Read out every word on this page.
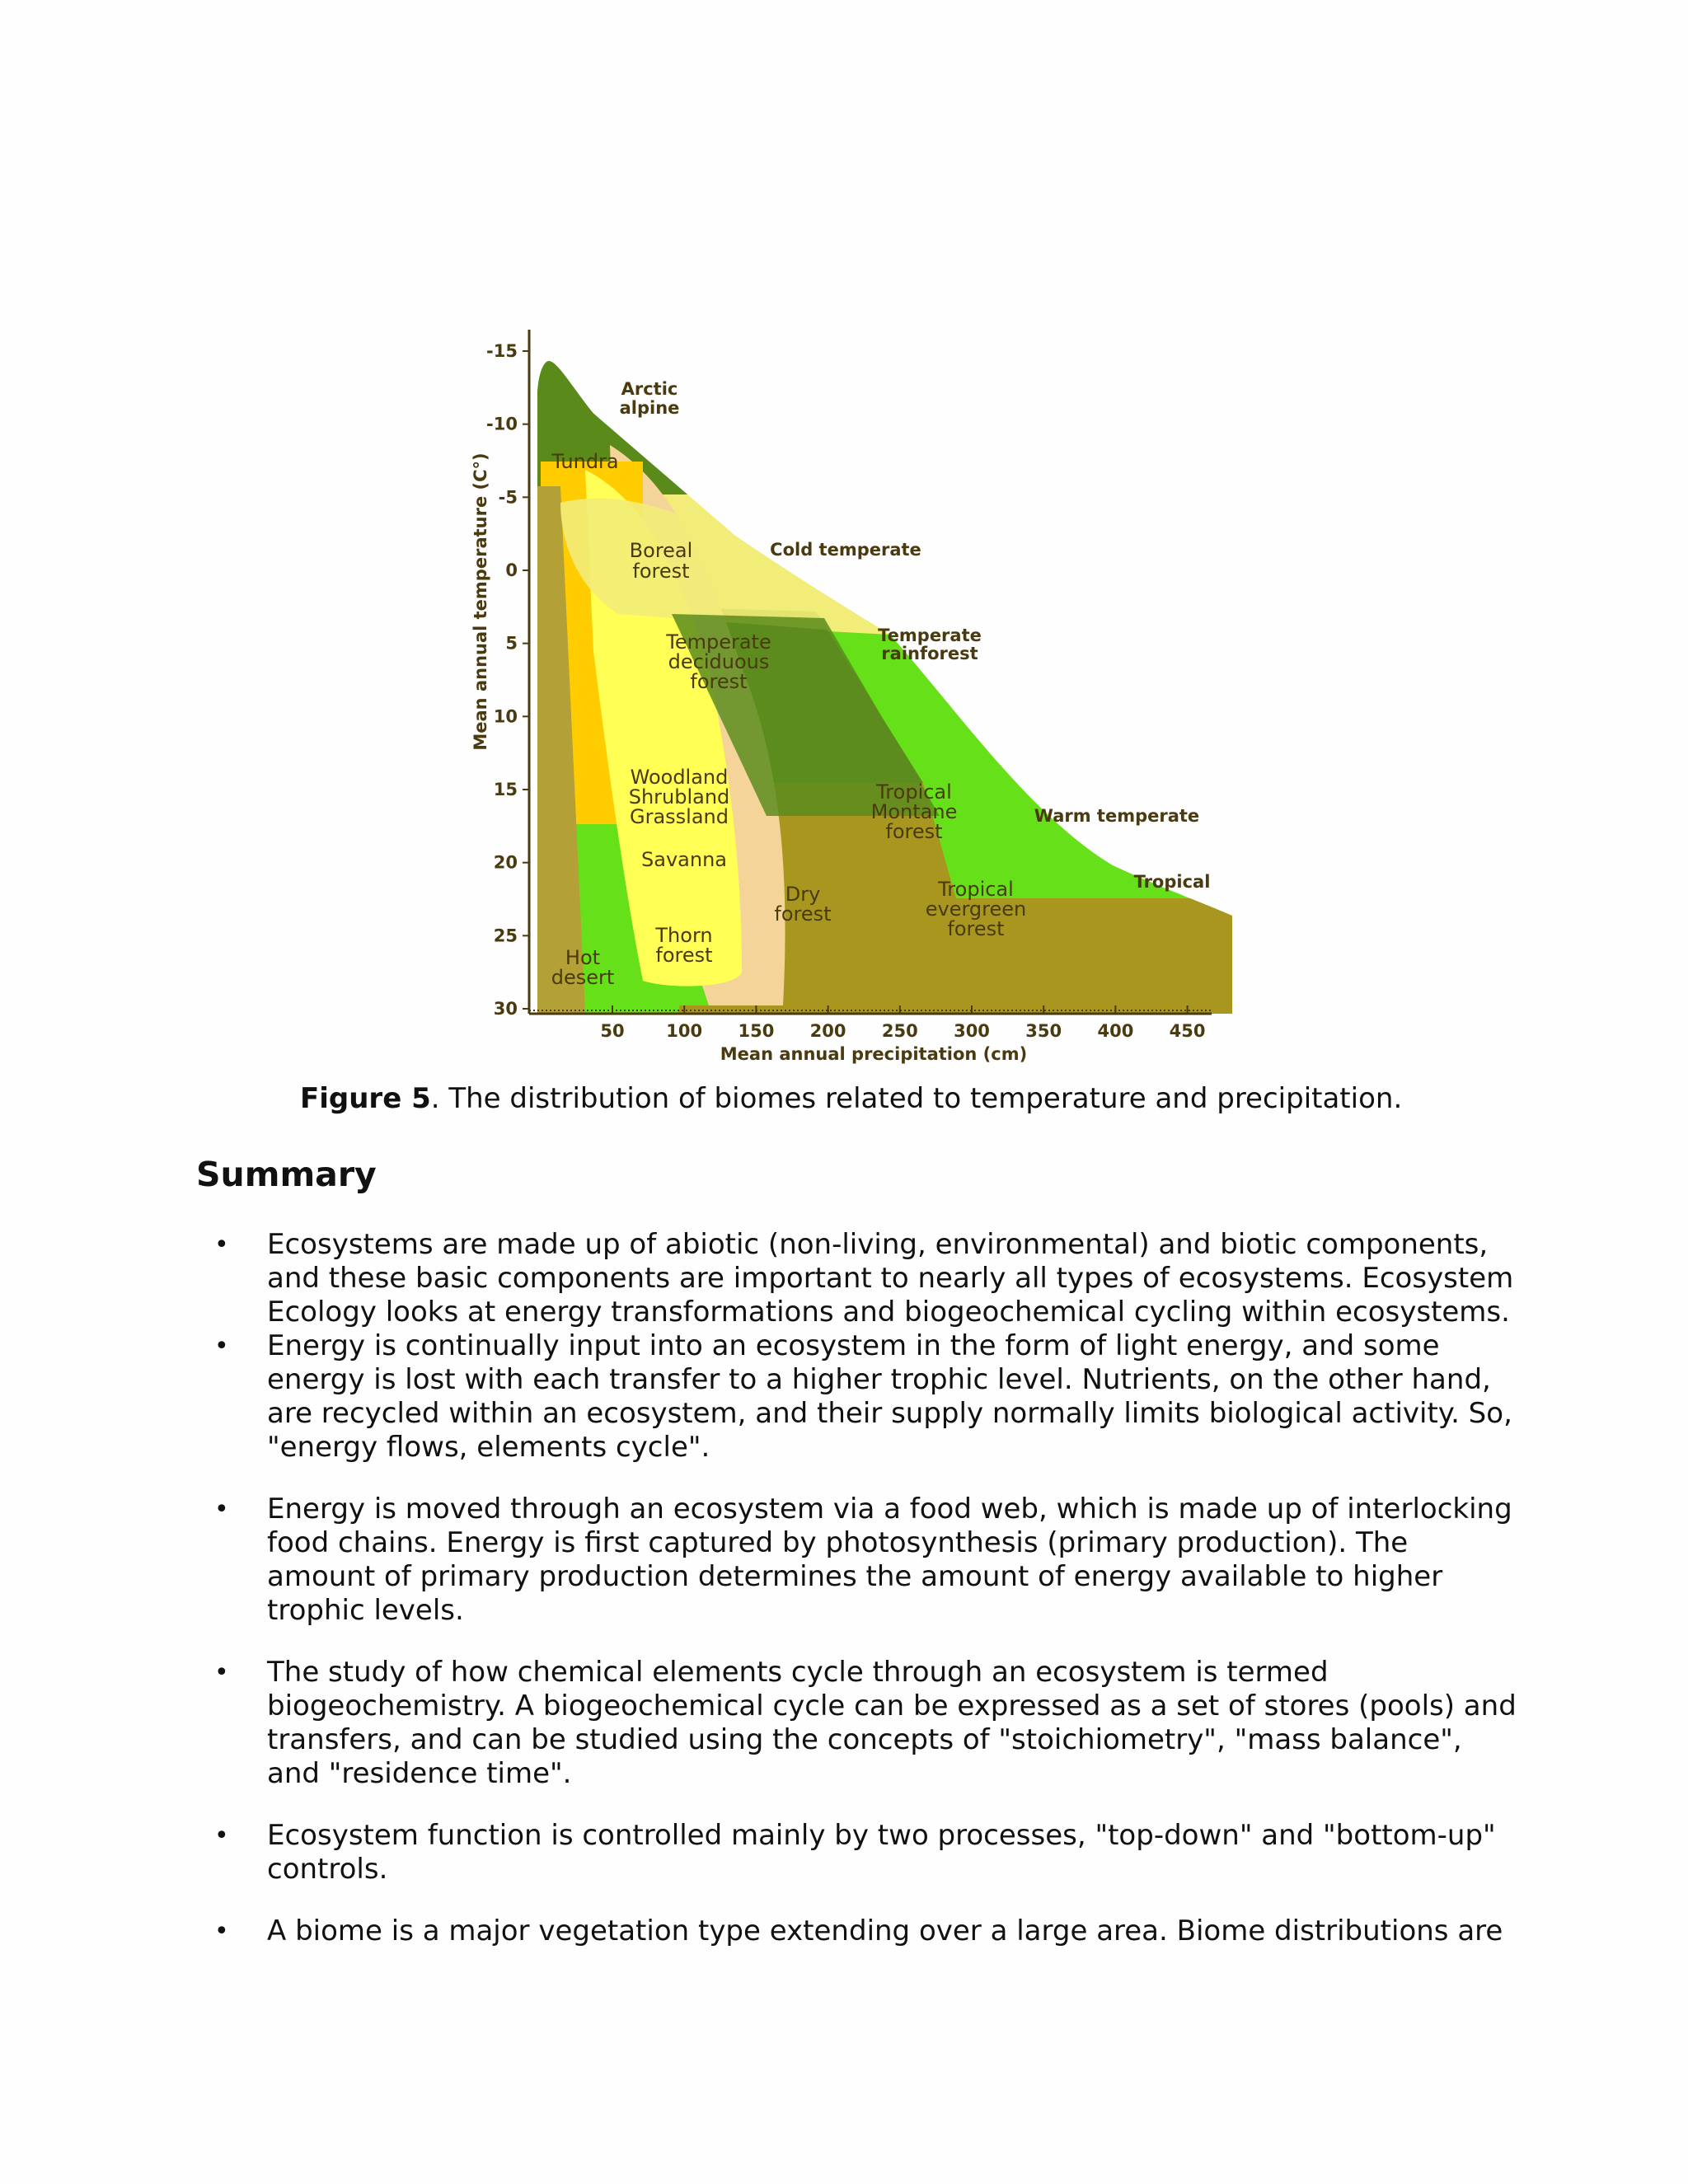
-15
-10
-5
0
5
10
15
20
25
30
50 100 150 200 250 300 350 400 450
Mean annual temperature (C°)
Mean annual precipitation (cm)
Arctic
alpine
Cold temperate
Temperate
rainforest
Warm temperate
Tropical
Tundra
Boreal
forest
Temperate
deciduous
forest
Woodland
Shrubland
Grassland
Savanna
Dry
forest
Thorn
forest
Hot
desert
Tropical
Montane
forest
Tropical
evergreen
forest
Figure 5. The distribution of biomes related to temperature and precipitation.
Summary
• Ecosystems are made up of abiotic (non-living, environmental) and biotic components, and these basic components are important to nearly all types of ecosystems. Ecosystem Ecology looks at energy transformations and biogeochemical cycling within ecosystems.
• Energy is continually input into an ecosystem in the form of light energy, and some energy is lost with each transfer to a higher trophic level. Nutrients, on the other hand, are recycled within an ecosystem, and their supply normally limits biological activity. So, "energy flows, elements cycle".
• Energy is moved through an ecosystem via a food web, which is made up of interlocking food chains. Energy is first captured by photosynthesis (primary production). The amount of primary production determines the amount of energy available to higher trophic levels.
• The study of how chemical elements cycle through an ecosystem is termed biogeochemistry. A biogeochemical cycle can be expressed as a set of stores (pools) and transfers, and can be studied using the concepts of "stoichiometry", "mass balance", and "residence time".
• Ecosystem function is controlled mainly by two processes, "top-down" and "bottom-up" controls.
• A biome is a major vegetation type extending over a large area. Biome distributions are
